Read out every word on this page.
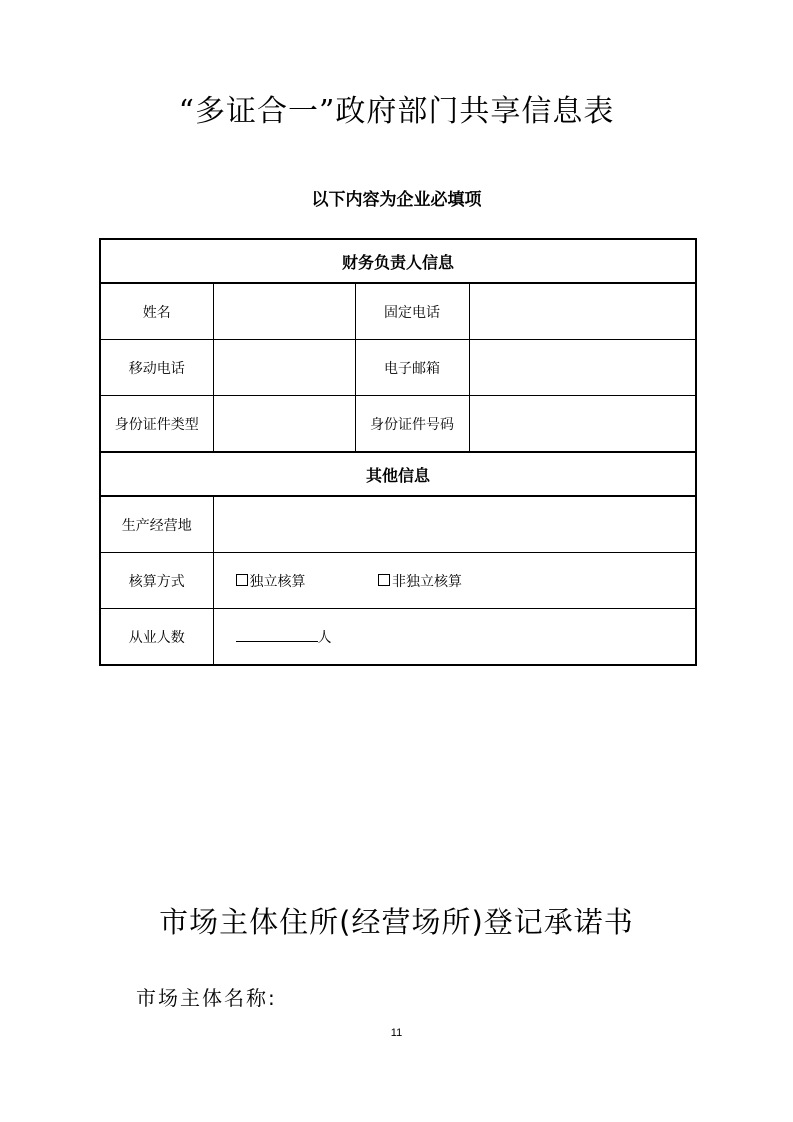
“多证合一”政府部门共享信息表
以下内容为企业必填项
财务负责人信息			
姓名		固定电话	
移动电话		电子邮箱	
身份证件类型		身份证件号码	
其他信息			
生产经营地			
核算方式	独立核算 非独立核算		
从业人数	人		
市场主体住所(经营场所)登记承诺书
市场主体名称:
11
